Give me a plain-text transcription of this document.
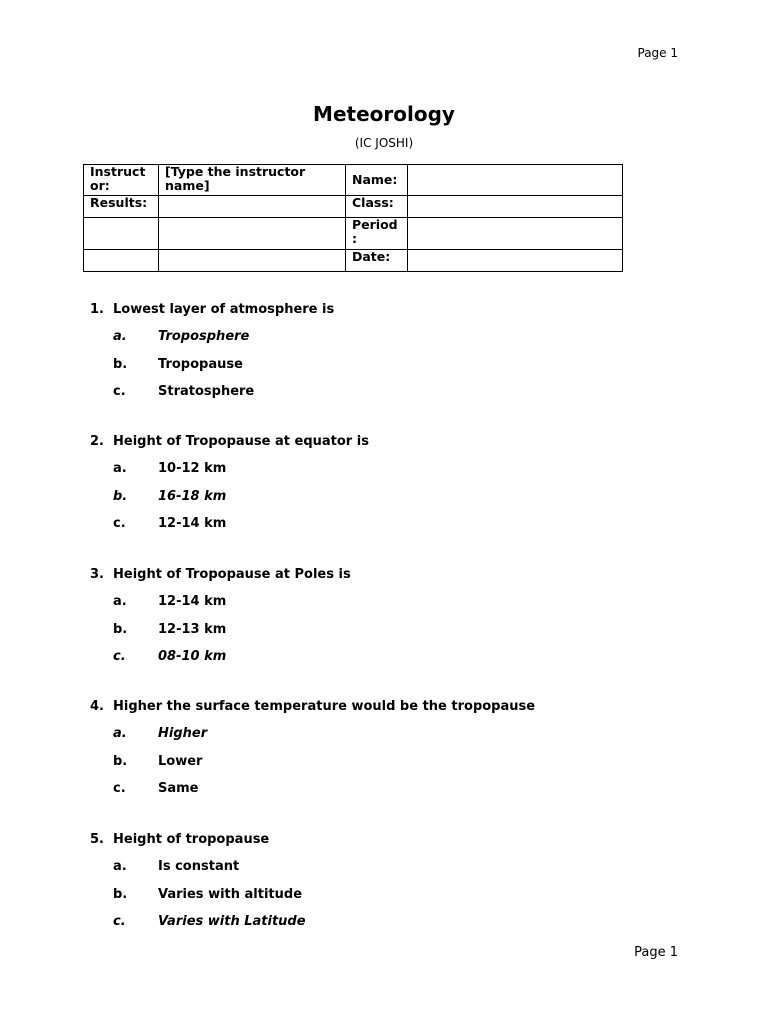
Page 1
Meteorology
(IC JOSHI)
Instruct or:	[Type the instructor name]	Name:	
Results:		Class:	
		Period :	
		Date:	
1. Lowest layer of atmosphere is
a. Troposphere
b. Tropopause
c. Stratosphere
2. Height of Tropopause at equator is
a. 10-12 km
b. 16-18 km
c. 12-14 km
3. Height of Tropopause at Poles is
a. 12-14 km
b. 12-13 km
c. 08-10 km
4. Higher the surface temperature would be the tropopause
a. Higher
b. Lower
c. Same
5. Height of tropopause
a. Is constant
b. Varies with altitude
c. Varies with Latitude
Page 1
